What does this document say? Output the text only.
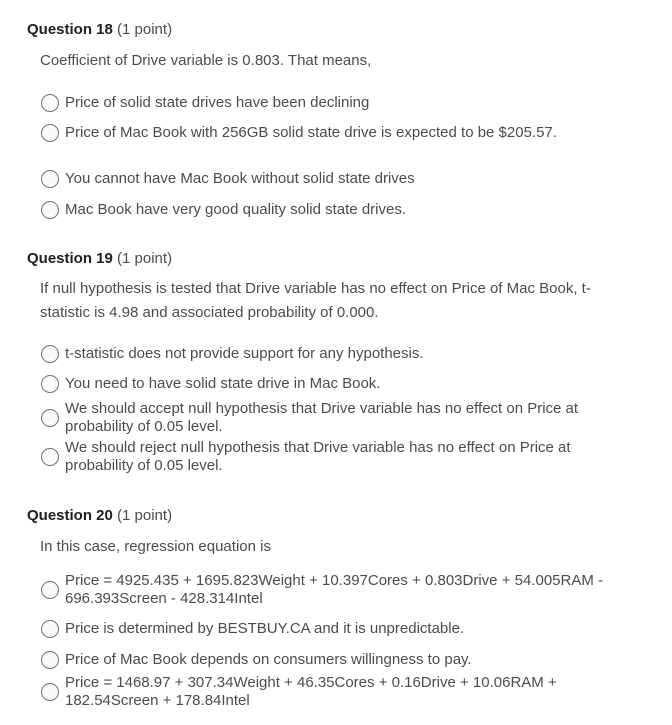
Question 18 (1 point)
Coefficient of Drive variable is 0.803. That means,
Price of solid state drives have been declining
Price of Mac Book with 256GB solid state drive is expected to be $205.57.
You cannot have Mac Book without solid state drives
Mac Book have very good quality solid state drives.
Question 19 (1 point)
If null hypothesis is tested that Drive variable has no effect on Price of Mac Book, t-statistic is 4.98 and associated probability of 0.000.
t-statistic does not provide support for any hypothesis.
You need to have solid state drive in Mac Book.
We should accept null hypothesis that Drive variable has no effect on Price at probability of 0.05 level.
We should reject null hypothesis that Drive variable has no effect on Price at probability of 0.05 level.
Question 20 (1 point)
In this case, regression equation is
Price = 4925.435 + 1695.823Weight + 10.397Cores + 0.803Drive + 54.005RAM - 696.393Screen - 428.314Intel
Price is determined by BESTBUY.CA and it is unpredictable.
Price of Mac Book depends on consumers willingness to pay.
Price = 1468.97 + 307.34Weight + 46.35Cores + 0.16Drive + 10.06RAM + 182.54Screen + 178.84Intel
